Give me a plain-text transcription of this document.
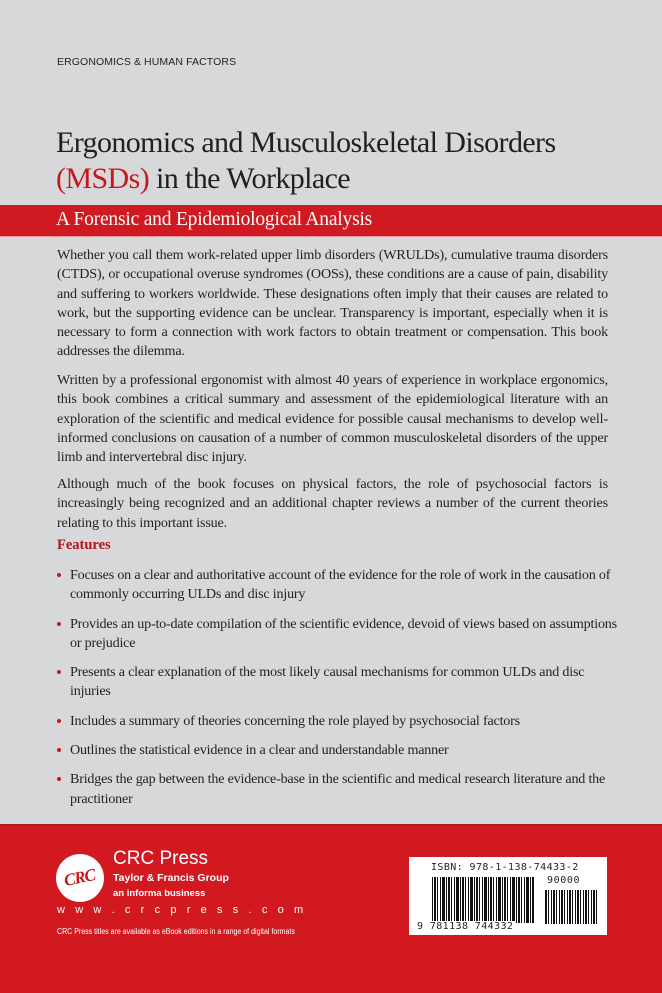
ERGONOMICS & HUMAN FACTORS
Ergonomics and Musculoskeletal Disorders
(MSDs) in the Workplace
A Forensic and Epidemiological Analysis

Whether you call them work-related upper limb disorders (WRULDs), cumulative trauma disorders (CTDS), or occupational overuse syndromes (OOSs), these conditions are a cause of pain, disability and suffering to workers worldwide. These designations often imply that their causes are related to work, but the supporting evidence can be unclear. Transparency is important, especially when it is necessary to form a connection with work factors to obtain treatment or compensation. This book addresses the dilemma.

Written by a professional ergonomist with almost 40 years of experience in workplace ergonomics, this book combines a critical summary and assessment of the epidemiological literature with an exploration of the scientific and medical evidence for possible causal mechanisms to develop well-informed conclusions on causation of a number of common musculoskeletal disorders of the upper limb and intervertebral disc injury.

Although much of the book focuses on physical factors, the role of psychosocial factors is increasingly being recognized and an additional chapter reviews a number of the current theories relating to this important issue.

Features
Focuses on a clear and authoritative account of the evidence for the role of work in the causation of commonly occurring ULDs and disc injury
Provides an up-to-date compilation of the scientific evidence, devoid of views based on assumptions or prejudice
Presents a clear explanation of the most likely causal mechanisms for common ULDs and disc injuries
Includes a summary of theories concerning the role played by psychosocial factors
Outlines the statistical evidence in a clear and understandable manner
Bridges the gap between the evidence-base in the scientific and medical research literature and the practitioner
CRC
CRC Press
Taylor & Francis Group
an informa business
w w w . c r c p r e s s . c o m
CRC Press titles are available as eBook editions in a range of digital formats
ISBN: 978-1-138-74433-2
90000
9 781138 744332
